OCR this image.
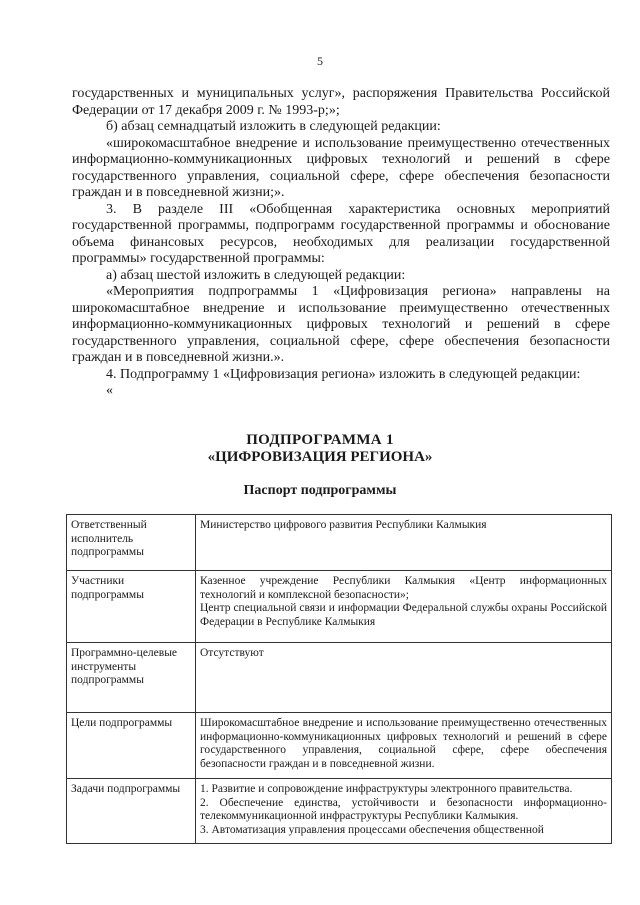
5

государственных и муниципальных услуг», распоряжения Правительства Российской Федерации от 17 декабря 2009 г. № 1993-р;»;

б) абзац семнадцатый изложить в следующей редакции:

«широкомасштабное внедрение и использование преимущественно отечественных информационно-коммуникационных цифровых технологий и решений в сфере государственного управления, социальной сфере, сфере обеспечения безопасности граждан и в повседневной жизни;».

3. В разделе III «Обобщенная характеристика основных мероприятий государственной программы, подпрограмм государственной программы и обоснование объема финансовых ресурсов, необходимых для реализации государственной программы» государственной программы:

а) абзац шестой изложить в следующей редакции:

«Мероприятия подпрограммы 1 «Цифровизация региона» направлены на широкомасштабное внедрение и использование преимущественно отечественных информационно-коммуникационных цифровых технологий и решений в сфере государственного управления, социальной сфере, сфере обеспечения безопасности граждан и в повседневной жизни.».

4. Подпрограмму 1 «Цифровизация региона» изложить в следующей редакции:

«

ПОДПРОГРАММА 1
«ЦИФРОВИЗАЦИЯ РЕГИОНА»
Паспорт подпрограммы
Ответственный исполнитель подпрограммы	Министерство цифрового развития Республики Калмыкия
Участники подпрограммы	Казенное учреждение Республики Калмыкия «Центр информационных технологий и комплексной безопасности»;
Центр специальной связи и информации Федеральной службы охраны Российской Федерации в Республике Калмыкия

Программно-целевые инструменты подпрограммы	Отсутствуют
Цели подпрограммы	Широкомасштабное внедрение и использование преимущественно отечественных информационно-коммуникационных цифровых технологий и решений в сфере государственного управления, социальной сфере, сфере обеспечения безопасности граждан и в повседневной жизни.
Задачи подпрограммы	1. Развитие и сопровождение инфраструктуры электронного правительства.
2. Обеспечение единства, устойчивости и безопасности информационно-телекоммуникационной инфраструктуры Республики Калмыкия.
3. Автоматизация управления процессами обеспечения общественной
